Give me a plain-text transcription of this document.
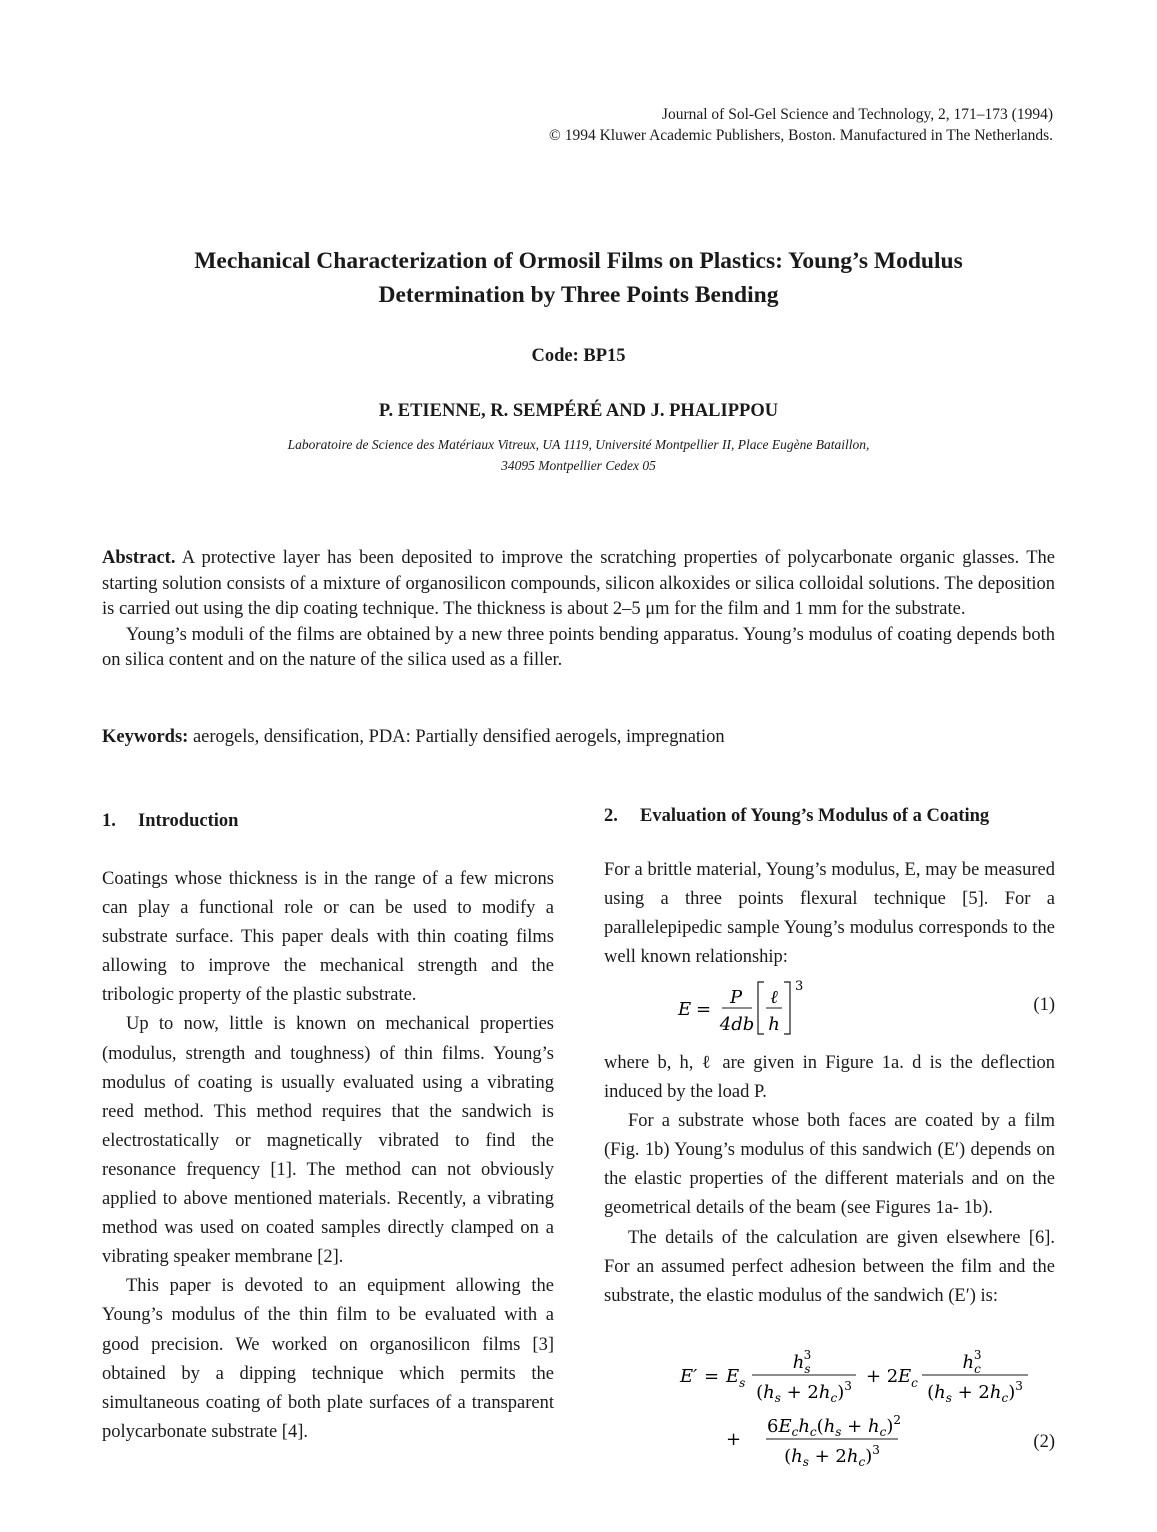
Journal of Sol-Gel Science and Technology, 2, 171–173 (1994)
© 1994 Kluwer Academic Publishers, Boston. Manufactured in The Netherlands.
Mechanical Characterization of Ormosil Films on Plastics: Young’s Modulus
Determination by Three Points Bending
Code: BP15
P. ETIENNE, R. SEMPÉRÉ AND J. PHALIPPOU
Laboratoire de Science des Matériaux Vitreux, UA 1119, Université Montpellier II, Place Eugène Bataillon,
34095 Montpellier Cedex 05

Abstract. A protective layer has been deposited to improve the scratching properties of polycarbonate organic glasses. The starting solution consists of a mixture of organosilicon compounds, silicon alkoxides or silica colloidal solutions. The deposition is carried out using the dip coating technique. The thickness is about 2–5 μm for the film and 1 mm for the substrate.

Young’s moduli of the films are obtained by a new three points bending apparatus. Young’s modulus of coating depends both on silica content and on the nature of the silica used as a filler.

Keywords: aerogels, densification, PDA: Partially densified aerogels, impregnation
1. Introduction

Coatings whose thickness is in the range of a few microns can play a functional role or can be used to modify a substrate surface. This paper deals with thin coating films allowing to improve the mechanical strength and the tribologic property of the plastic substrate.

Up to now, little is known on mechanical properties (modulus, strength and toughness) of thin films. Young’s modulus of coating is usually evaluated using a vibrating reed method. This method requires that the sandwich is electrostatically or magnetically vibrated to find the resonance frequency [1]. The method can not obviously applied to above mentioned materials. Recently, a vibrating method was used on coated samples directly clamped on a vibrating speaker membrane [2].

This paper is devoted to an equipment allowing the Young’s modulus of the thin film to be evaluated with a good precision. We worked on organosilicon films [3] obtained by a dipping technique which permits the simultaneous coating of both plate surfaces of a transparent polycarbonate substrate [4].

2. Evaluation of Young’s Modulus of a Coating
For a brittle material, Young’s modulus, E, may be measured using a three points flexural technique [5]. For a parallelepipedic sample Young’s modulus corresponds to the well known relationship:
E =
P
4db
ℓ
h
3
(1)

where b, h, ℓ are given in Figure 1a. d is the deflection induced by the load P.

For a substrate whose both faces are coated by a film (Fig. 1b) Young’s modulus of this sandwich (E′) depends on the elastic properties of the different materials and on the geometrical details of the beam (see Figures 1a- 1b).

The details of the calculation are given elsewhere [6]. For an assumed perfect adhesion between the film and the substrate, the elastic modulus of the sandwich (E′) is:

$E' = E_s$
$h_s3$
$(h_s + 2h_c)^3 + 2$ $E_c$
$h_c3$
$(h_s + 2h_c)^3$
+
$6E_ch_c(h_s + h_c)^2$
$(h_s + 2h_c)^3$	(2)
